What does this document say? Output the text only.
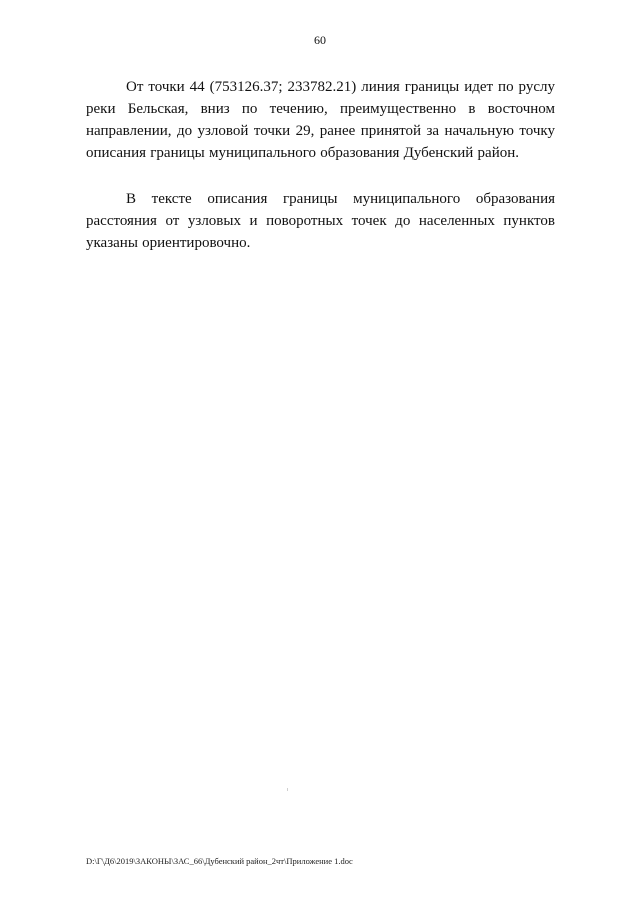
60

От точки 44 (753126.37; 233782.21) линия границы идет по руслу реки Бельская, вниз по течению, преимущественно в восточном направлении, до узловой точки 29, ранее принятой за начальную точку описания границы муниципального образования Дубенский район.

В тексте описания границы муниципального образования расстояния от узловых и поворотных точек до населенных пунктов указаны ориентировочно.

D:\Г\Д6\2019\ЗАКОНЫ\ЗАС_66\Дубенский район_2чт\Приложение 1.doc
